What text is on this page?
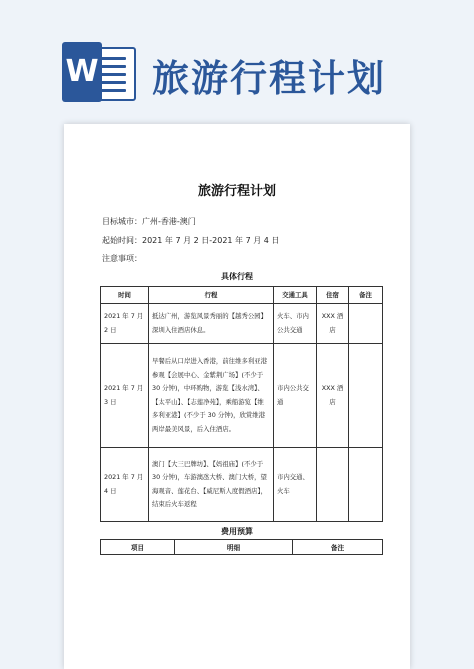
W 旅游行程计划
旅游行程计划
目标城市：广州-香港-澳门
起始时间：2021 年 7 月 2 日-2021 年 7 月 4 日
注意事项：
具体行程
时间	行程	交通工具	住宿	备注
2021 年 7 月 2 日	抵达广州，游览风景秀丽的【越秀公园】深圳入住酒店休息。	火车、市内公共交通	XXX 酒店	
2021 年 7 月 3 日	早餐后从口岸进入香港，前往维多利亚港参观【会展中心、金紫荆广场】(不少于 30 分钟)，中环购物，游览【浅水湾】、【太平山】、【志莲净苑】，乘船游览【维多利亚港】(不少于 30 分钟)，欣赏维港两岸最美风景，后入住酒店。	市内公共交通	XXX 酒店	
2021 年 7 月 4 日	澳门【大三巴牌坊】、【妈祖庙】(不少于 30 分钟)，车游澳氹大桥、澳门大桥，望海观音、莲花台、【威尼斯人度假酒店】，结束后火车返程	市内交通、火车		
费用预算
项目	明细	备注
